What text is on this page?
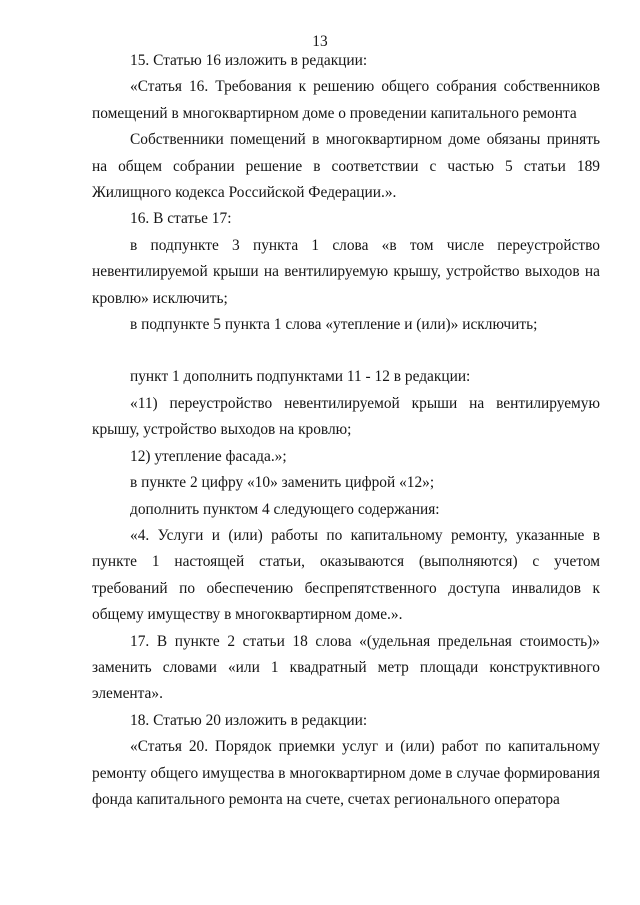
13

15. Статью 16 изложить в редакции:

«Статья 16. Требования к решению общего собрания собственников помещений в многоквартирном доме о проведении капитального ремонта

Собственники помещений в многоквартирном доме обязаны принять на общем собрании решение в соответствии с частью 5 статьи 189 Жилищного кодекса Российской Федерации.».

16. В статье 17:

в подпункте 3 пункта 1 слова «в том числе переустройство невентилируемой крыши на вентилируемую крышу, устройство выходов на кровлю» исключить;

в подпункте 5 пункта 1 слова «утепление и (или)» исключить;

пункт 1 дополнить подпунктами 11 - 12 в редакции:

«11) переустройство невентилируемой крыши на вентилируемую крышу, устройство выходов на кровлю;

12) утепление фасада.»;

в пункте 2 цифру «10» заменить цифрой «12»;

дополнить пунктом 4 следующего содержания:

«4. Услуги и (или) работы по капитальному ремонту, указанные в пункте 1 настоящей статьи, оказываются (выполняются) с учетом требований по обеспечению беспрепятственного доступа инвалидов к общему имуществу в многоквартирном доме.».

17. В пункте 2 статьи 18 слова «(удельная предельная стоимость)» заменить словами «или 1 квадратный метр площади конструктивного элемента».

18. Статью 20 изложить в редакции:

«Статья 20. Порядок приемки услуг и (или) работ по капитальному ремонту общего имущества в многоквартирном доме в случае формирования фонда капитального ремонта на счете, счетах регионального оператора
